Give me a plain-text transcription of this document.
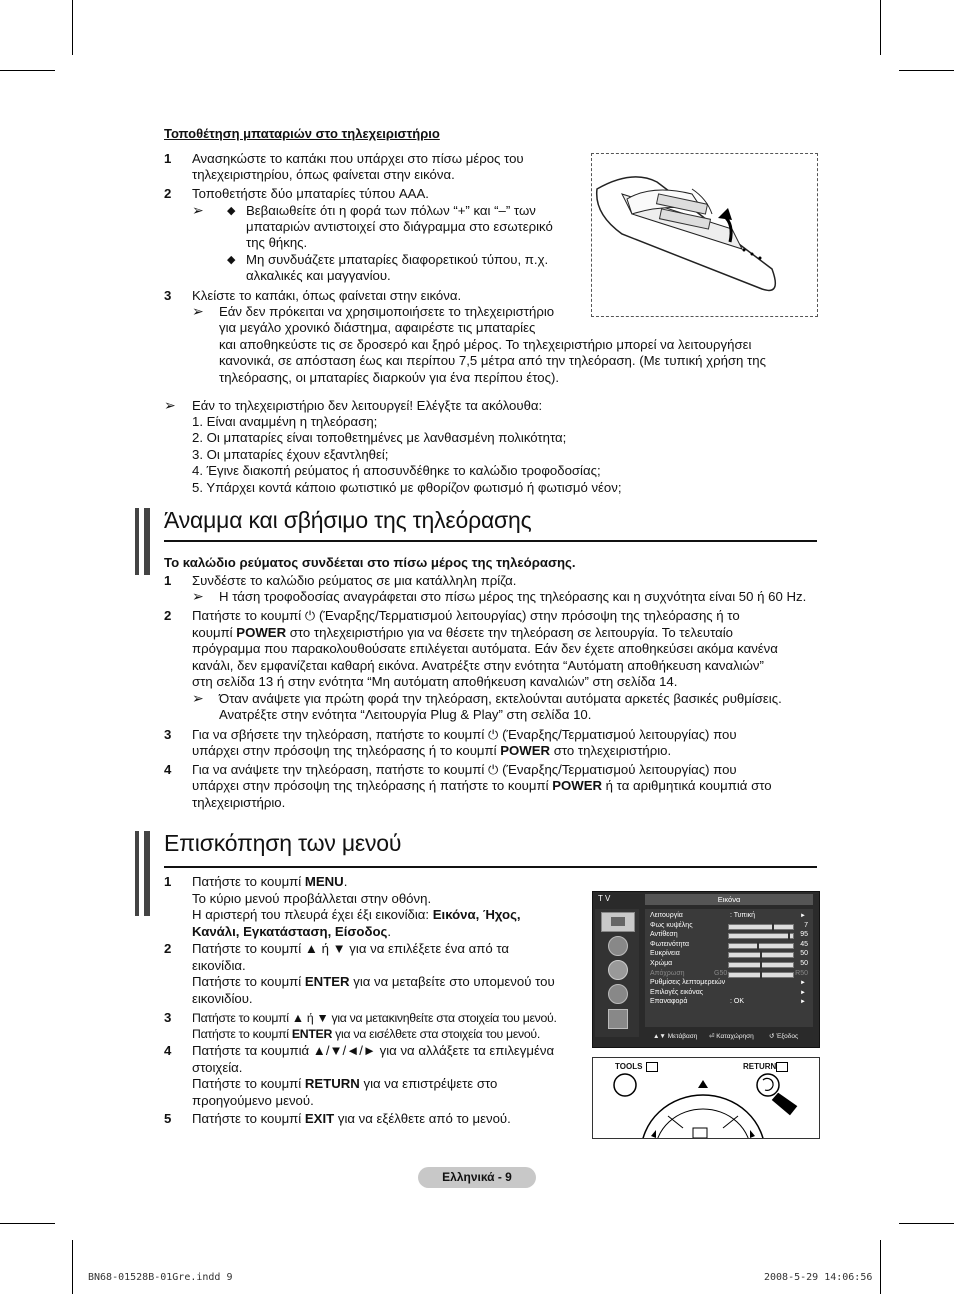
Τοποθέτηση μπαταριών στο τηλεχειριστήριο
1 Ανασηκώστε το καπάκι που υπάρχει στο πίσω μέρος του
τηλεχειριστηρίου, όπως φαίνεται στην εικόνα.
2 Τοποθετήστε δύο μπαταρίες τύπου AAA.
➢ ◆ Βεβαιωθείτε ότι η φορά των πόλων “+” και “–” των
μπαταριών αντιστοιχεί στο διάγραμμα στο εσωτερικό
της θήκης.
◆ Μη συνδυάζετε μπαταρίες διαφορετικού τύπου, π.χ.
αλκαλικές και μαγγανίου.
3 Κλείστε το καπάκι, όπως φαίνεται στην εικόνα.
➢ Εάν δεν πρόκειται να χρησιμοποιήσετε το τηλεχειριστήριο
για μεγάλο χρονικό διάστημα, αφαιρέστε τις μπαταρίες
και αποθηκεύστε τις σε δροσερό και ξηρό μέρος. Το τηλεχειριστήριο μπορεί να λειτουργήσει
κανονικά, σε απόσταση έως και περίπου 7,5 μέτρα από την τηλεόραση. (Με τυπική χρήση της
τηλεόρασης, οι μπαταρίες διαρκούν για ένα περίπου έτος).
➢ Εάν το τηλεχειριστήριο δεν λειτουργεί! Ελέγξτε τα ακόλουθα:
1. Είναι αναμμένη η τηλεόραση;
2. Οι μπαταρίες είναι τοποθετημένες με λανθασμένη πολικότητα;
3. Οι μπαταρίες έχουν εξαντληθεί;
4. Έγινε διακοπή ρεύματος ή αποσυνδέθηκε το καλώδιο τροφοδοσίας;
5. Υπάρχει κοντά κάποιο φωτιστικό με φθορίζον φωτισμό ή φωτισμό νέον;
Άναμμα και σβήσιμο της τηλεόρασης
Το καλώδιο ρεύματος συνδέεται στο πίσω μέρος της τηλεόρασης.
1 Συνδέστε το καλώδιο ρεύματος σε μια κατάλληλη πρίζα.
➢ Η τάση τροφοδοσίας αναγράφεται στο πίσω μέρος της τηλεόρασης και η συχνότητα είναι 50 ή 60 Hz.
2 Πατήστε το κουμπί ⏻ (Έναρξης/Τερματισμού λειτουργίας) στην πρόσοψη της τηλεόρασης ή το
κουμπί POWER στο τηλεχειριστήριο για να θέσετε την τηλεόραση σε λειτουργία. Το τελευταίο
πρόγραμμα που παρακολουθούσατε επιλέγεται αυτόματα. Εάν δεν έχετε αποθηκεύσει ακόμα κανένα
κανάλι, δεν εμφανίζεται καθαρή εικόνα. Ανατρέξτε στην ενότητα “Αυτόματη αποθήκευση καναλιών”
στη σελίδα 13 ή στην ενότητα “Μη αυτόματη αποθήκευση καναλιών” στη σελίδα 14.
➢ Όταν ανάψετε για πρώτη φορά την τηλεόραση, εκτελούνται αυτόματα αρκετές βασικές ρυθμίσεις.
Ανατρέξτε στην ενότητα “Λειτουργία Plug & Play” στη σελίδα 10.
3 Για να σβήσετε την τηλεόραση, πατήστε το κουμπί ⏻ (Έναρξης/Τερματισμού λειτουργίας) που
υπάρχει στην πρόσοψη της τηλεόρασης ή το κουμπί POWER στο τηλεχειριστήριο.
4 Για να ανάψετε την τηλεόραση, πατήστε το κουμπί ⏻ (Έναρξης/Τερματισμού λειτουργίας) που
υπάρχει στην πρόσοψη της τηλεόρασης ή πατήστε το κουμπί POWER ή τα αριθμητικά κουμπιά στο
τηλεχειριστήριο.
Επισκόπηση των μενού
1 Πατήστε το κουμπί MENU.
Το κύριο μενού προβάλλεται στην οθόνη.
Η αριστερή του πλευρά έχει έξι εικονίδια: Εικόνα, Ήχος,
Κανάλι, Εγκατάσταση, Είσοδος.
2 Πατήστε το κουμπί ▲ ή ▼ για να επιλέξετε ένα από τα
εικονίδια.
Πατήστε το κουμπί ENTER για να μεταβείτε στο υπομενού του
εικονιδίου.
3 Πατήστε το κουμπί ▲ ή ▼ για να μετακινηθείτε στα στοιχεία του μενού.
Πατήστε το κουμπί ENTER για να εισέλθετε στα στοιχεία του μενού.
4 Πατήστε τα κουμπιά ▲/▼/◄/► για να αλλάξετε τα επιλεγμένα
στοιχεία.
Πατήστε το κουμπί RETURN για να επιστρέψετε στο
προηγούμενο μενού.
5 Πατήστε το κουμπί EXIT για να εξέλθετε από το μενού.
T V	Εικόνα
Λειτουργία	: Τυπική	►
Φως κυψέλης	7
Αντίθεση	95
Φωτεινότητα	45
Ευκρίνεια	50
Χρώμα	50
Απόχρωση	G50	R50
Ρυθμίσεις λεπτομερειών	►
Επιλογές εικόνας	►
Επαναφορά	: OK	►
▲▼ Μετάβαση ⏎ Καταχώρηση ↺ Έξοδος
TOOLS	RETURN
Ελληνικά - 9
BN68-01528B-01Gre.indd 9	2008-5-29 14:06:56
